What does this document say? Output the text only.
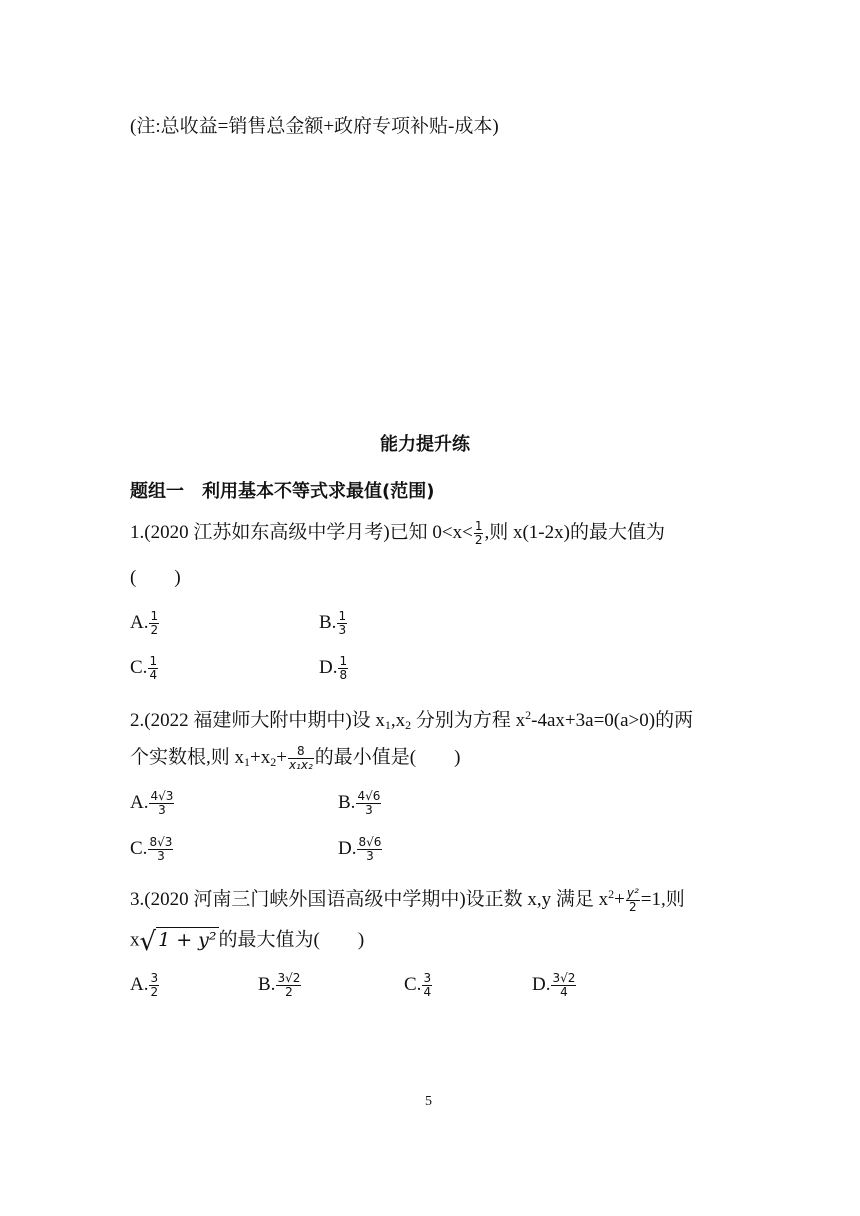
(注:总收益=销售总金额+政府专项补贴-成本)
能力提升练
题组一　利用基本不等式求最值(范围)
1.(2020 江苏如东高级中学月考)已知 $0<x< \frac{1}{2}$ ,则 x(1-2x)的最大值为
(　　)
A. $\frac{1}{2}$	B. $\frac{1}{3}$
C. $\frac{1}{4}$	D. $\frac{1}{8}$
2.(2022 福建师大附中期中)设 $x_1,x_2$ 分别为方程 $x^2-4ax+3a=0(a>0)$的两
个实数根,则 $x_1+x_2+ \frac{8}{\text{x₁x₂}}$ 的最小值是(　　)
A. $\frac{4√3}{3}$	B. $\frac{4√6}{3}$
C. $\frac{8√3}{3}$	D. $\frac{8√6}{3}$
3.(2020 河南三门峡外国语高级中学期中)设正数 x,y 满足 $x^2+ \frac{\text{y²}}{2} =1$,则
x√ 1 + y² 的最大值为(　　)
A. $\frac{3}{2}$	B. $\frac{3√2}{2}$	C. $\frac{3}{4}$	D. $\frac{3√2}{4}$
5
